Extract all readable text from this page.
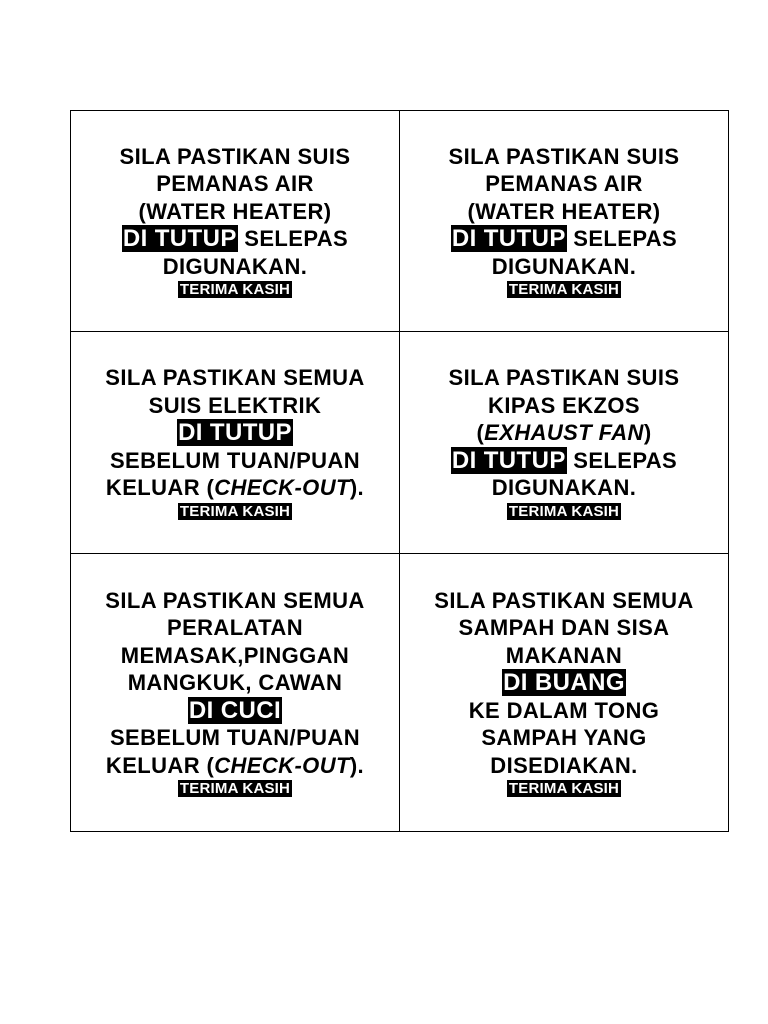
SILA PASTIKAN SUIS
PEMANAS AIR
(WATER HEATER)
DI TUTUP SELEPAS
DIGUNAKAN.
TERIMA KASIH
SILA PASTIKAN SUIS
PEMANAS AIR
(WATER HEATER)
DI TUTUP SELEPAS
DIGUNAKAN.
TERIMA KASIH
SILA PASTIKAN SEMUA
SUIS ELEKTRIK
DI TUTUP
SEBELUM TUAN/PUAN
KELUAR (CHECK-OUT).
TERIMA KASIH
SILA PASTIKAN SUIS
KIPAS EKZOS
(EXHAUST FAN)
DI TUTUP SELEPAS
DIGUNAKAN.
TERIMA KASIH
SILA PASTIKAN SEMUA
PERALATAN
MEMASAK,PINGGAN
MANGKUK, CAWAN
DI CUCI
SEBELUM TUAN/PUAN
KELUAR (CHECK-OUT).
TERIMA KASIH
SILA PASTIKAN SEMUA
SAMPAH DAN SISA
MAKANAN
DI BUANG
KE DALAM TONG
SAMPAH YANG
DISEDIAKAN.
TERIMA KASIH
